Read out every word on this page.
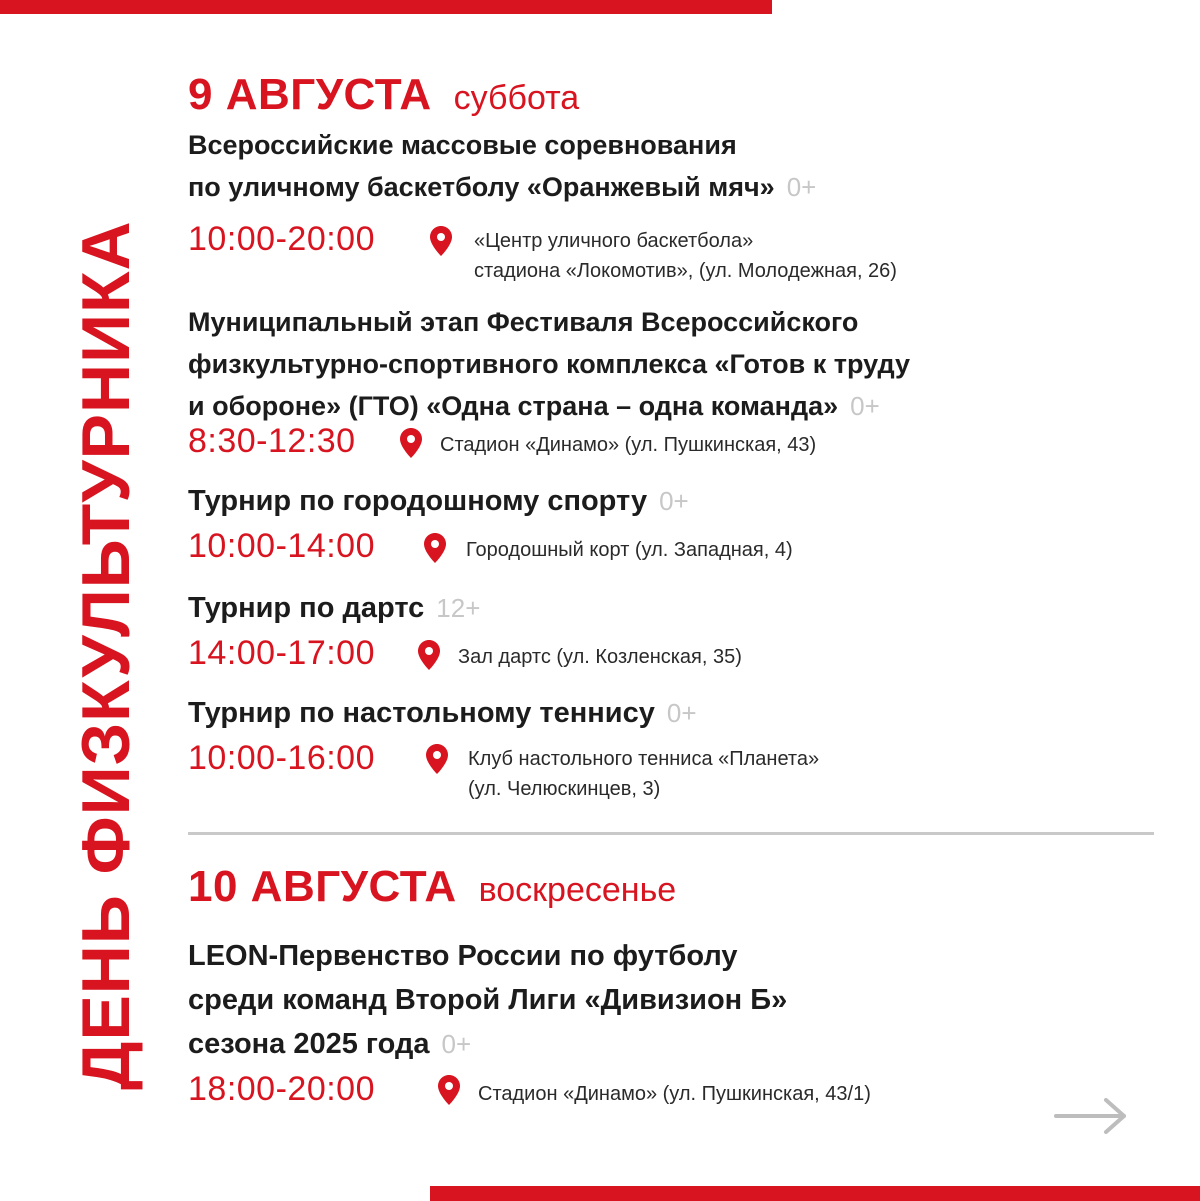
ДЕНЬ ФИЗКУЛЬТУРНИКА
9 АВГУСТА суббота
Всероссийские массовые соревнования
по уличному баскетболу «Оранжевый мяч» 0+
10:00-20:00	«Центр уличного баскетбола»
стадиона «Локомотив», (ул. Молодежная, 26)
Муниципальный этап Фестиваля Всероссийского
физкультурно-спортивного комплекса «Готов к труду
и обороне» (ГТО) «Одна страна – одна команда» 0+
8:30-12:30	Стадион «Динамо» (ул. Пушкинская, 43)
Турнир по городошному спорту 0+
10:00-14:00	Городошный корт (ул. Западная, 4)
Турнир по дартс 12+
14:00-17:00	Зал дартс (ул. Козленская, 35)
Турнир по настольному теннису 0+
10:00-16:00	Клуб настольного тенниса «Планета»
(ул. Челюскинцев, 3)
10 АВГУСТА воскресенье
LEON-Первенство России по футболу
среди команд Второй Лиги «Дивизион Б»
сезона 2025 года 0+
18:00-20:00	Стадион «Динамо» (ул. Пушкинская, 43/1)
